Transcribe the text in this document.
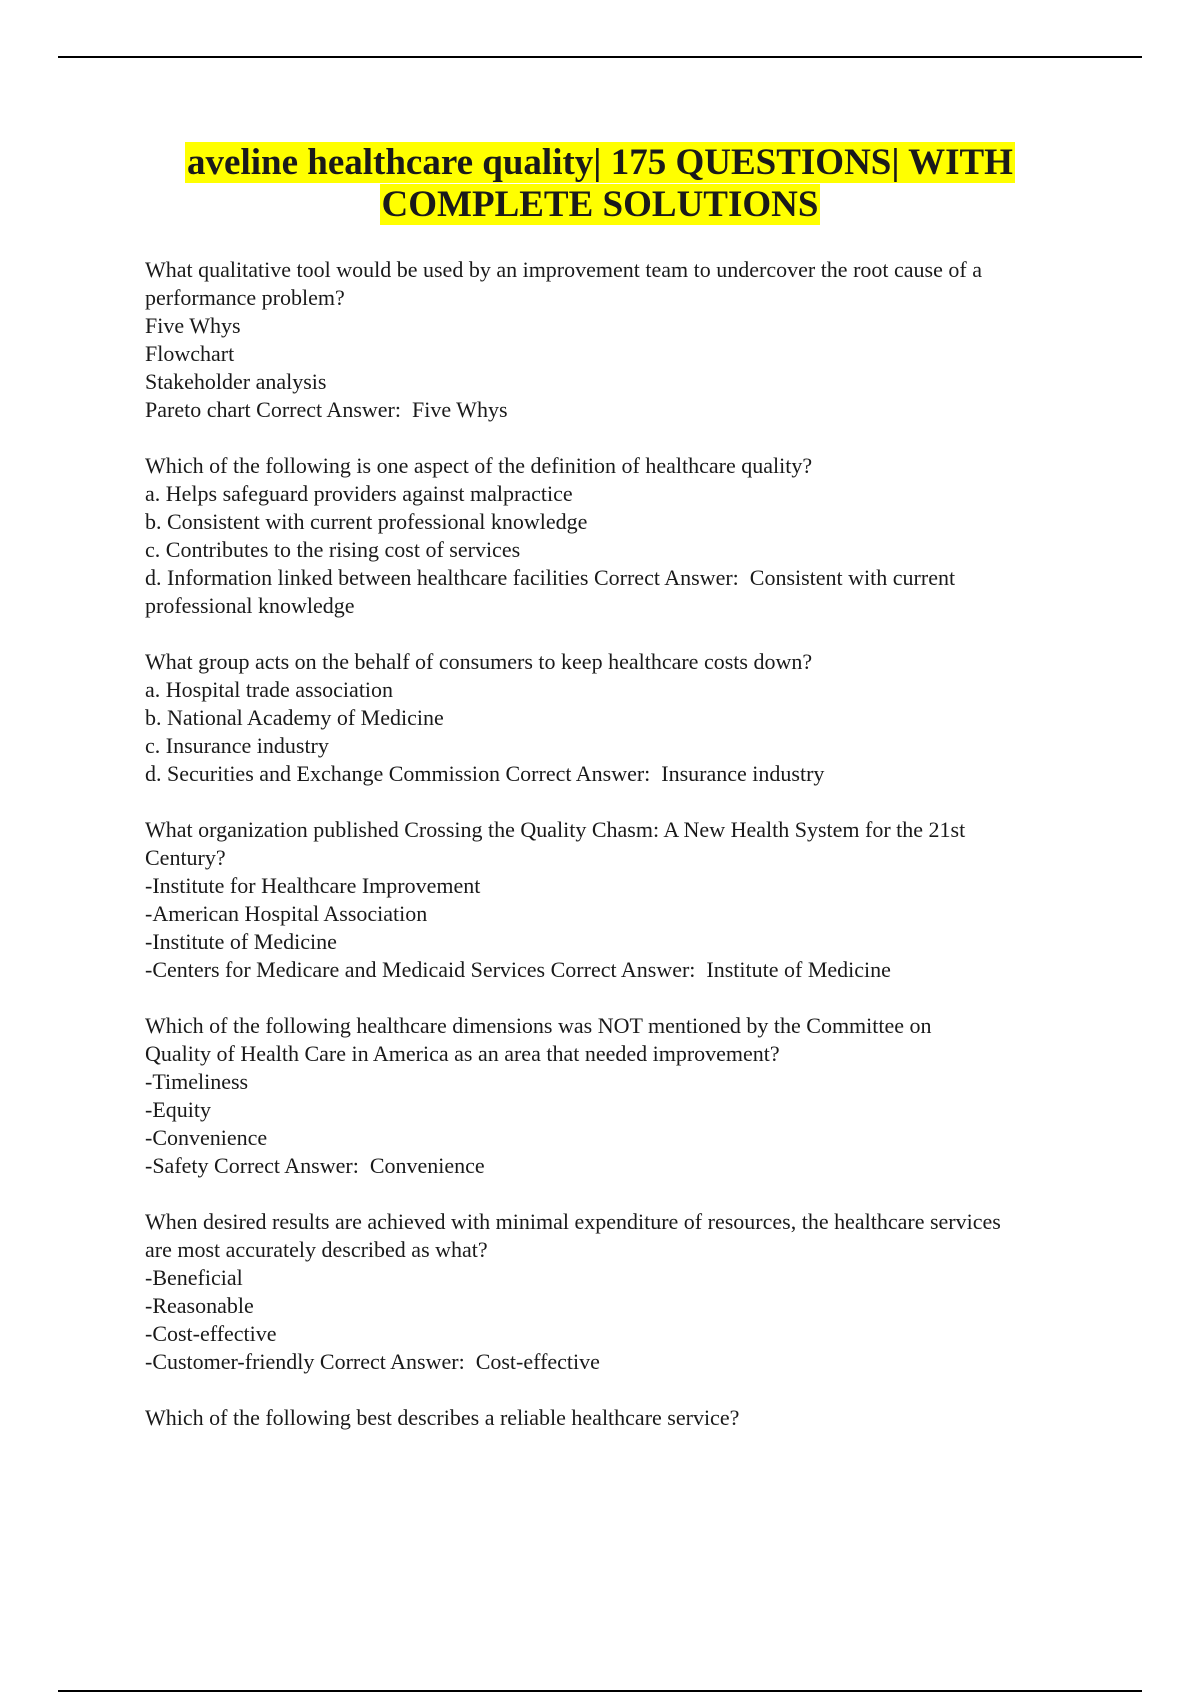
aveline healthcare quality| 175 QUESTIONS| WITH
COMPLETE SOLUTIONS
What qualitative tool would be used by an improvement team to undercover the root cause of a
performance problem?
Five Whys
Flowchart
Stakeholder analysis
Pareto chart Correct Answer:  Five Whys
Which of the following is one aspect of the definition of healthcare quality?
a. Helps safeguard providers against malpractice
b. Consistent with current professional knowledge
c. Contributes to the rising cost of services
d. Information linked between healthcare facilities Correct Answer:  Consistent with current
professional knowledge
What group acts on the behalf of consumers to keep healthcare costs down?
a. Hospital trade association
b. National Academy of Medicine
c. Insurance industry
d. Securities and Exchange Commission Correct Answer:  Insurance industry
What organization published Crossing the Quality Chasm: A New Health System for the 21st
Century?
-Institute for Healthcare Improvement
-American Hospital Association
-Institute of Medicine
-Centers for Medicare and Medicaid Services Correct Answer:  Institute of Medicine
Which of the following healthcare dimensions was NOT mentioned by the Committee on
Quality of Health Care in America as an area that needed improvement?
-Timeliness
-Equity
-Convenience
-Safety Correct Answer:  Convenience
When desired results are achieved with minimal expenditure of resources, the healthcare services
are most accurately described as what?
-Beneficial
-Reasonable
-Cost-effective
-Customer-friendly Correct Answer:  Cost-effective
Which of the following best describes a reliable healthcare service?
